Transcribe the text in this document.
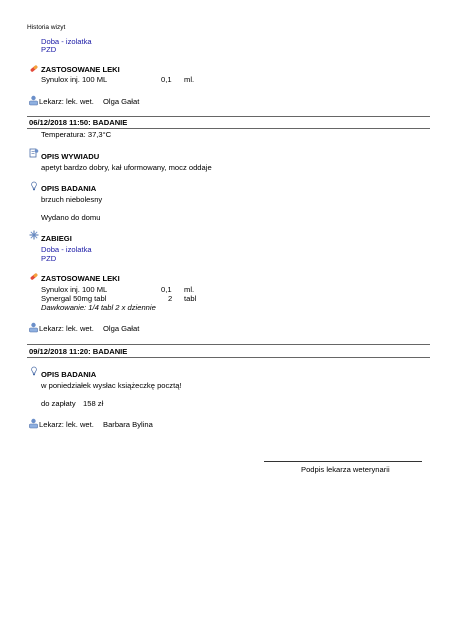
Historia wizyt
Doba - izolatka
PZD
ZASTOSOWANE LEKI
Synulox inj. 100 ML	0,1 ml.
Lekarz: lek. wet. Olga Gałat
06/12/2018 11:50: BADANIE
Temperatura: 37,3°C
OPIS WYWIADU
apetyt bardzo dobry, kał uformowany, mocz oddaje
OPIS BADANIA
brzuch niebolesny
Wydano do domu
ZABIEGI
Doba - izolatka
PZD
ZASTOSOWANE LEKI
Synulox inj. 100 ML	0,1 ml.
Synergal 50mg tabl	2 tabl
Dawkowanie: 1/4 tabl 2 x dziennie
Lekarz: lek. wet. Olga Gałat
09/12/2018 11:20: BADANIE
OPIS BADANIA
w poniedziałek wysłac książeczkę pocztą!
do zapłaty 158 zł
Lekarz: lek. wet. Barbara Bylina
Podpis lekarza weterynarii
